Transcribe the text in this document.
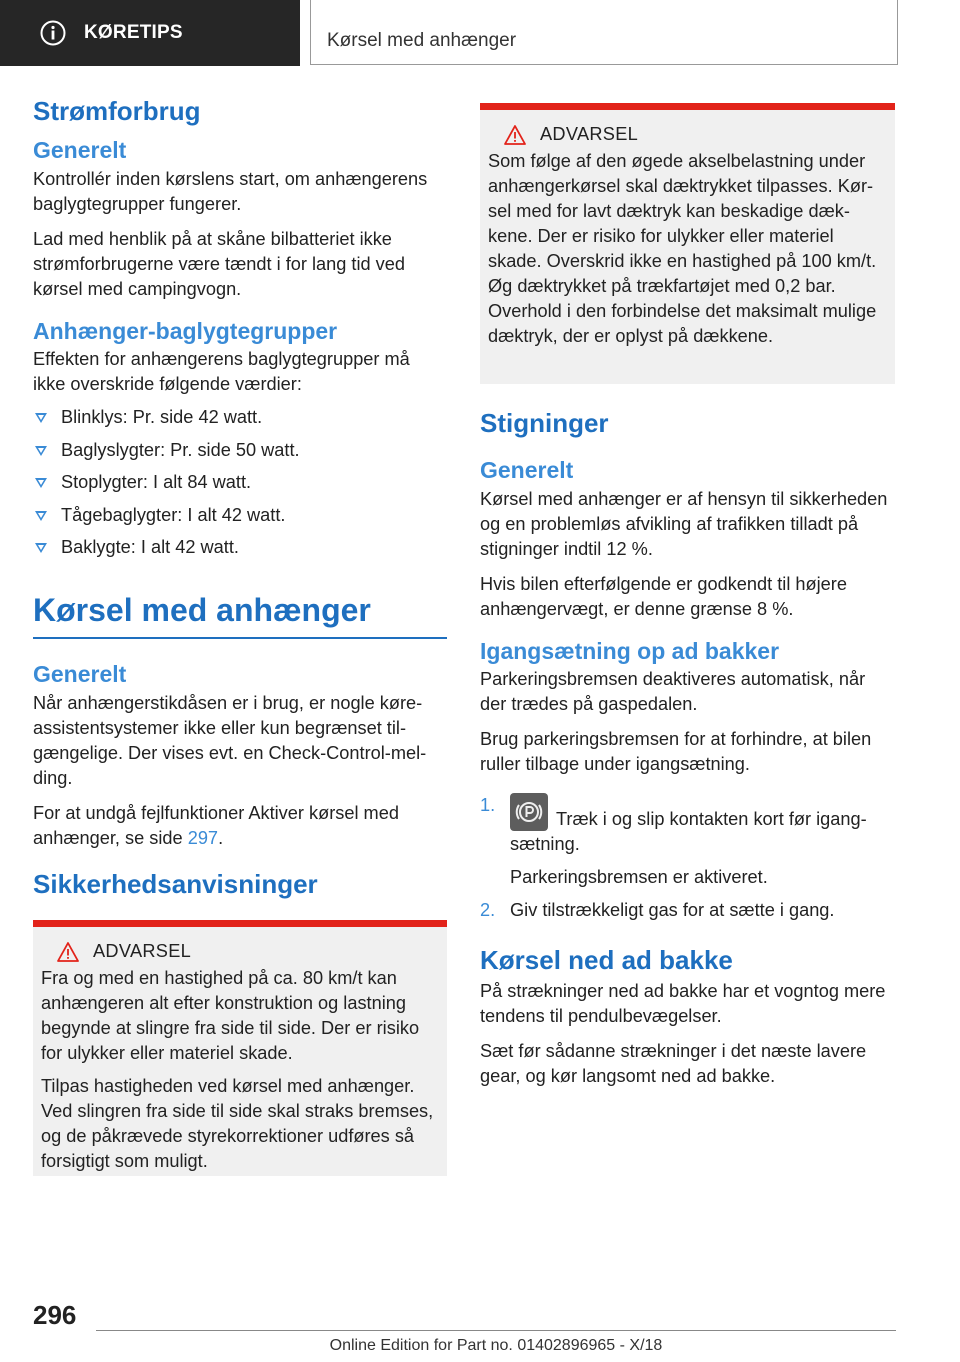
KØRETIPS	Kørsel med anhænger
Strømforbrug
Generelt

Kontrollér inden kørslens start, om anhængerens baglygtegrupper fungerer.

Lad med henblik på at skåne bilbatteriet ikke strømforbrugerne være tændt i for lang tid ved kørsel med campingvogn.

Anhænger-baglygtegrupper

Effekten for anhængerens baglygtegrupper må ikke overskride følgende værdier:

Blinklys: Pr. side 42 watt.
Baglyslygter: Pr. side 50 watt.
Stoplygter: I alt 84 watt.
Tågebaglygter: I alt 42 watt.
Baklygte: I alt 42 watt.
Kørsel med anhænger
Generelt

Når anhængerstikdåsen er i brug, er nogle køreassistentsystemer ikke eller kun begrænset tilgængelige. Der vises evt. en Check-Control-melding.

For at undgå fejlfunktioner Aktiver kørsel med anhænger, se side 297.

Sikkerhedsanvisninger
ADVARSEL

Fra og med en hastighed på ca. 80 km/t kan anhængeren alt efter konstruktion og lastning begynde at slingre fra side til side. Der er risiko for ulykker eller materiel skade.

Tilpas hastigheden ved kørsel med anhænger. Ved slingren fra side til side skal straks bremses, og de påkrævede styrekorrektioner udføres så forsigtigt som muligt.

ADVARSEL

Som følge af den øgede akselbelastning under anhængerkørsel skal dæktrykket tilpasses. Kørsel med for lavt dæktryk kan beskadige dækkene. Der er risiko for ulykker eller materiel skade. Overskrid ikke en hastighed på 100 km/t. Øg dæktrykket på trækfartøjet med 0,2 bar. Overhold i den forbindelse det maksimalt mulige dæktryk, der er oplyst på dækkene.

Stigninger
Generelt

Kørsel med anhænger er af hensyn til sikkerheden og en problemløs afvikling af trafikken tilladt på stigninger indtil 12 %.

Hvis bilen efterfølgende er godkendt til højere anhængervægt, er denne grænse 8 %.

Igangsætning op ad bakker

Parkeringsbremsen deaktiveres automatisk, når der trædes på gaspedalen.

Brug parkeringsbremsen for at forhindre, at bilen ruller tilbage under igangsætning.

1.
Træk i og slip kontakten kort før igangsætning.
Parkeringsbremsen er aktiveret.
2. Giv tilstrækkeligt gas for at sætte i gang.
Kørsel ned ad bakke

På strækninger ned ad bakke har et vogntog mere tendens til pendulbevægelser.

Sæt før sådanne strækninger i det næste lavere gear, og kør langsomt ned ad bakke.

296
Online Edition for Part no. 01402896965 - X/18
